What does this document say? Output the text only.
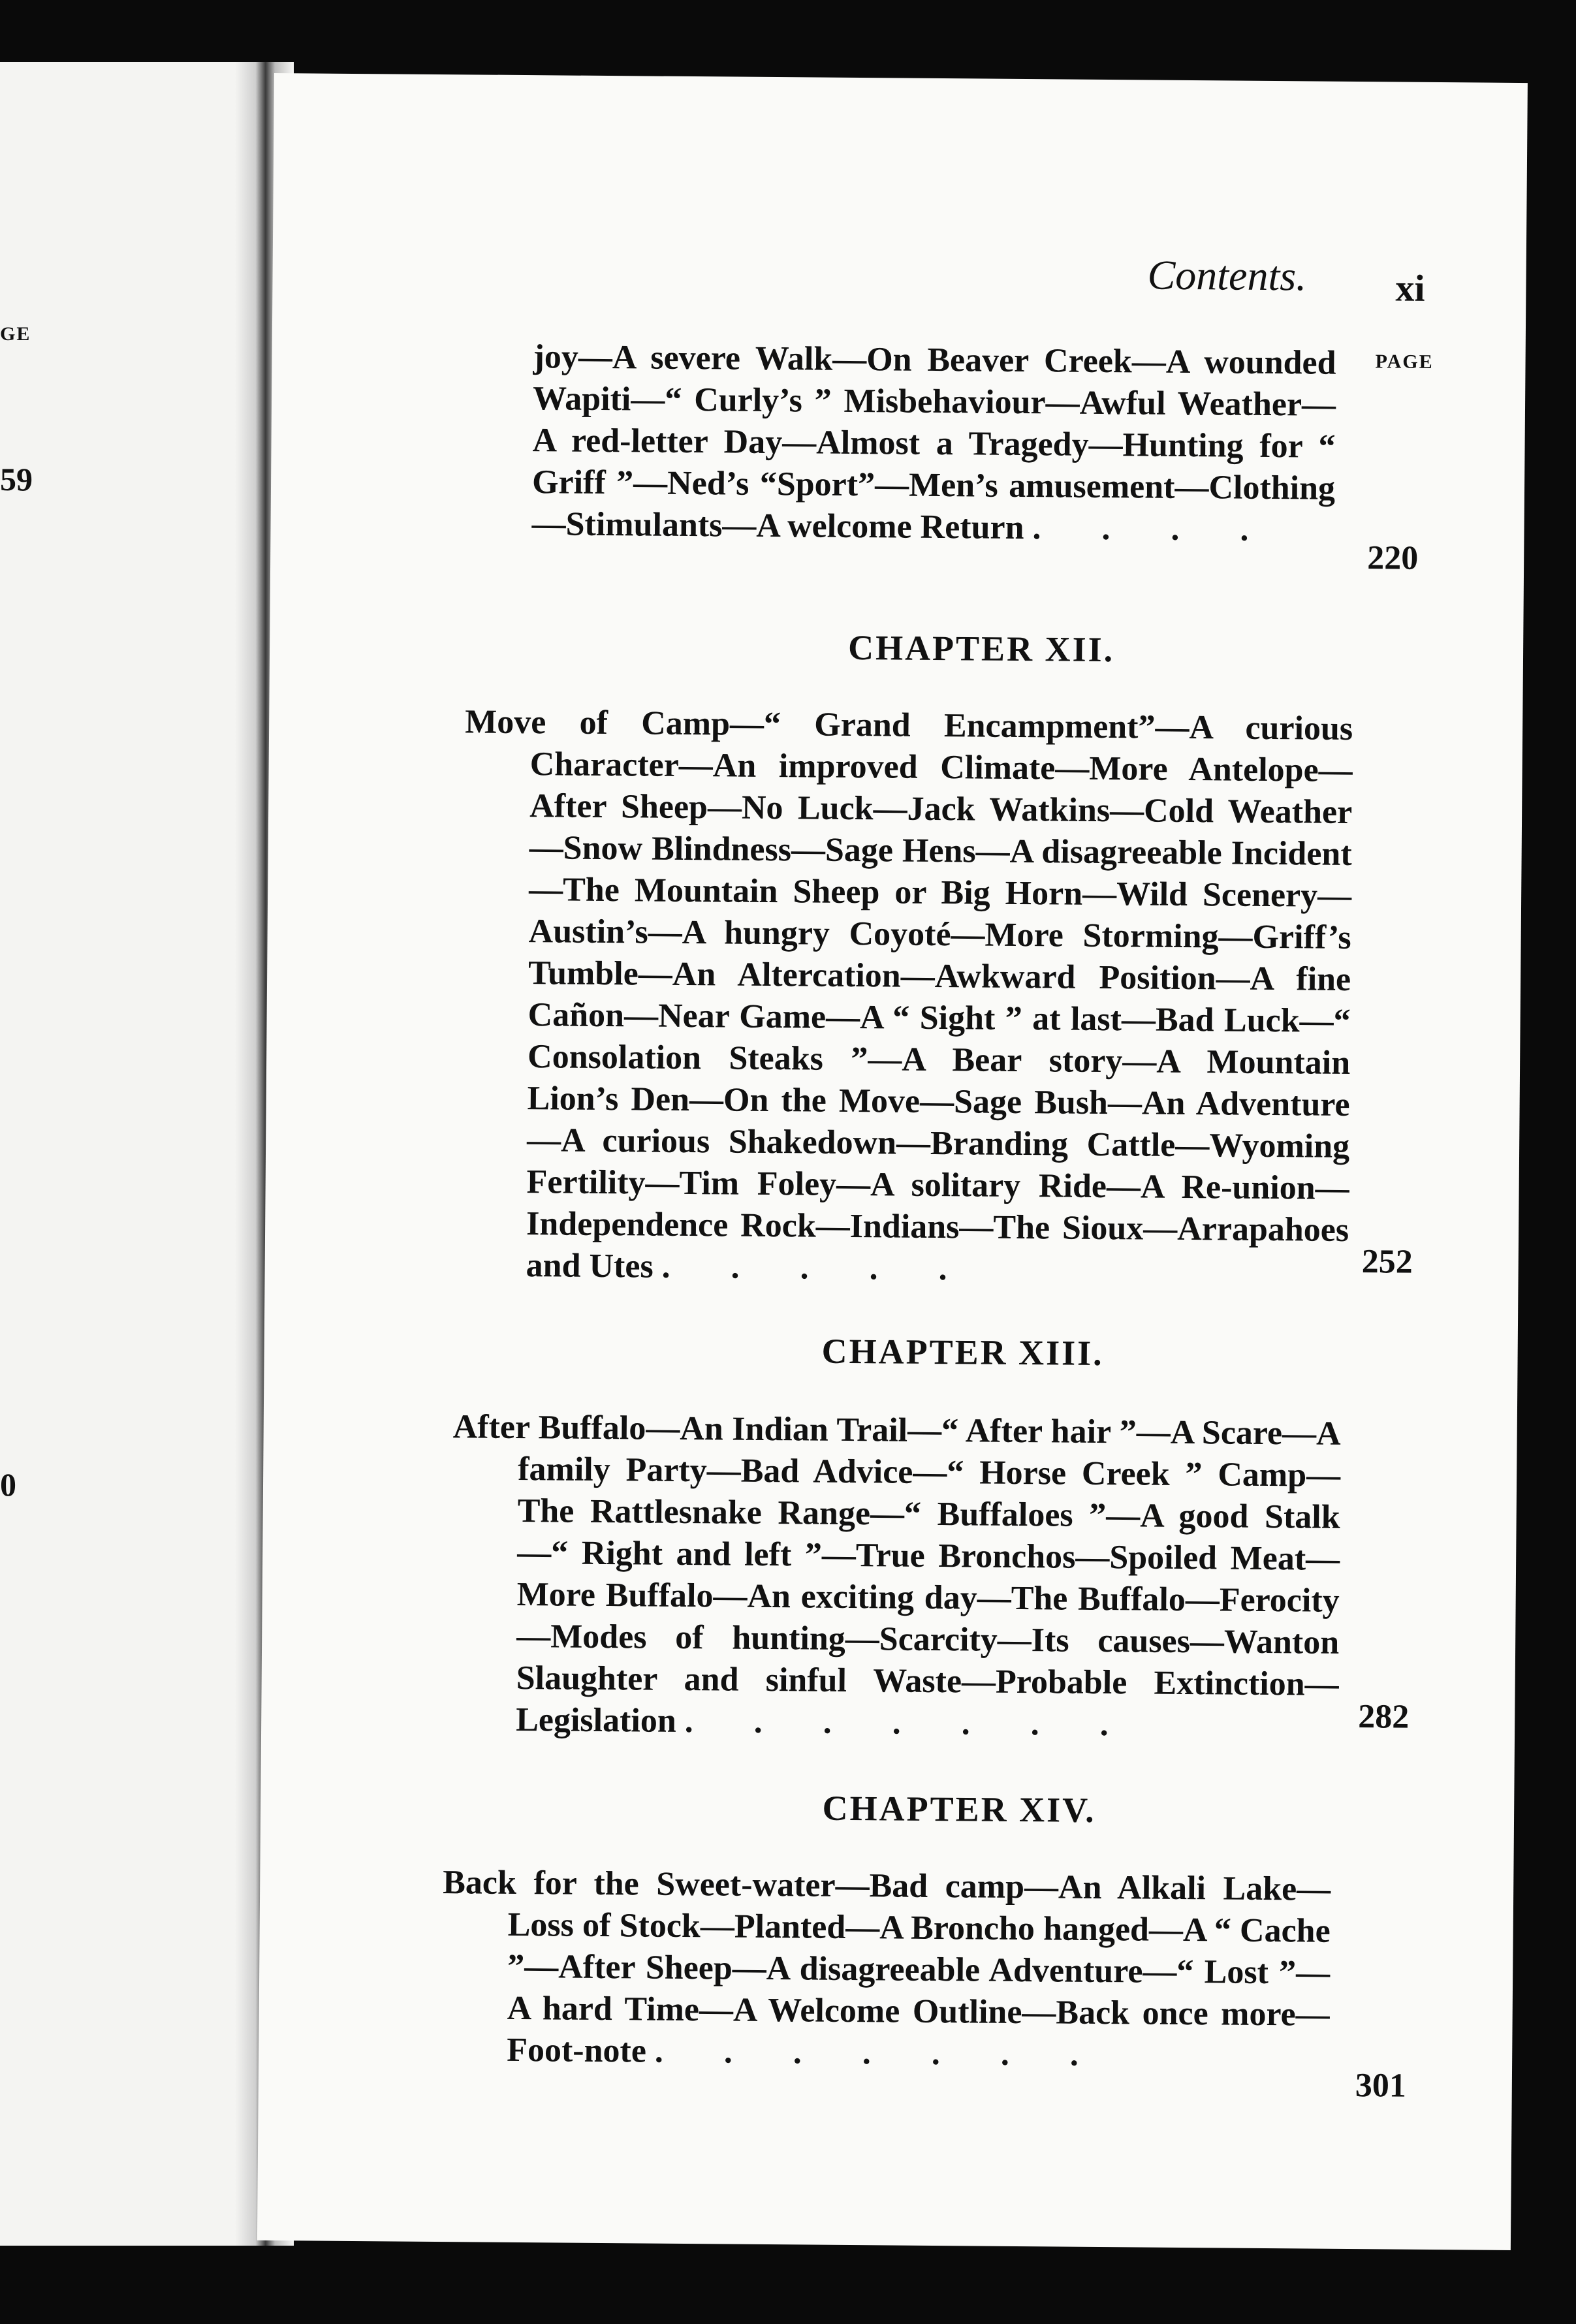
GE
59
0
Contents. xi
PAGE
joy—A severe Walk—On Beaver Creek—A wounded Wapiti—“ Curly’s ” Misbehaviour—Awful Weather—A red-letter Day—Almost a Tragedy—Hunting for “ Griff ”—Ned’s “Sport”—Men’s amusement—Clothing—Stimulants—A welcome Return . . . .
220
CHAPTER XII.
Move of Camp—“ Grand Encampment”—A curious Character—An improved Climate—More Antelope—After Sheep—No Luck—Jack Watkins—Cold Weather—Snow Blindness—Sage Hens—A disagreeable Incident—The Mountain Sheep or Big Horn—Wild Scenery—Austin’s—A hungry Coyoté—More Storming—Griff’s Tumble—An Altercation—Awkward Position—A fine Cañon—Near Game—A “ Sight ” at last—Bad Luck—“ Consolation Steaks ”—A Bear story—A Mountain Lion’s Den—On the Move—Sage Bush—An Adventure—A curious Shakedown—Branding Cattle—Wyoming Fertility—Tim Foley—A solitary Ride—A Re-union—Independence Rock—Indians—The Sioux—Arrapahoes and Utes . . . . .	252
CHAPTER XIII.
After Buffalo—An Indian Trail—“ After hair ”—A Scare—A family Party—Bad Advice—“ Horse Creek ” Camp—The Rattlesnake Range—“ Buffaloes ”—A good Stalk—“ Right and left ”—True Bronchos—Spoiled Meat—More Buffalo—An exciting day—The Buffalo—Ferocity—Modes of hunting—Scarcity—Its causes—Wanton Slaughter and sinful Waste—Probable Extinction—Legislation . . . . . . .	282
CHAPTER XIV.
Back for the Sweet-water—Bad camp—An Alkali Lake—Loss of Stock—Planted—A Broncho hanged—A “ Cache ”—After Sheep—A disagreeable Adventure—“ Lost ”—A hard Time—A Welcome Outline—Back once more—Foot-note . . . . . . .
301
